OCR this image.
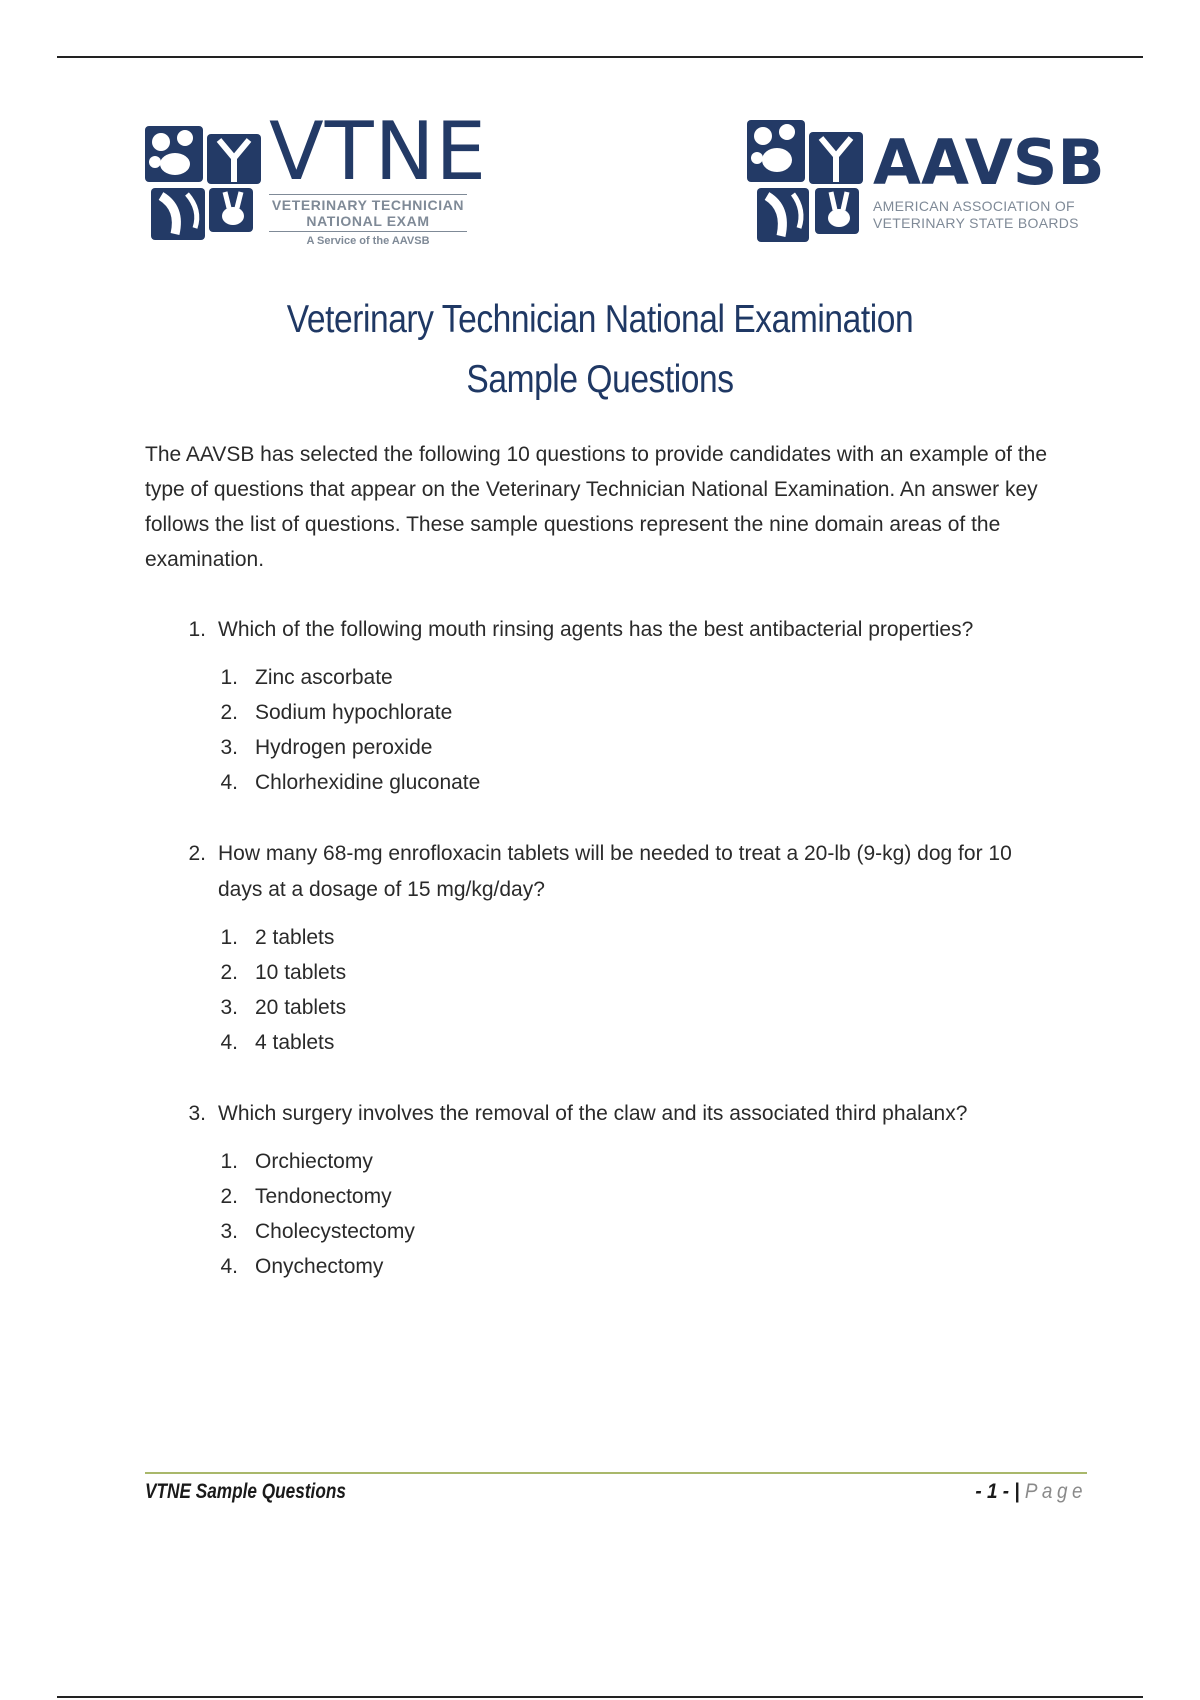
VTNE
VETERINARY TECHNICIAN
NATIONAL EXAM
A Service of the AAVSB
AAVSB
AMERICAN ASSOCIATION OF
VETERINARY STATE BOARDS
Veterinary Technician National Examination
Sample Questions
The AAVSB has selected the following 10 questions to provide candidates with an example of the type of questions that appear on the Veterinary Technician National Examination. An answer key follows the list of questions. These sample questions represent the nine domain areas of the examination.
1. Which of the following mouth rinsing agents has the best antibacterial properties?
1. Zinc ascorbate
2. Sodium hypochlorate
3. Hydrogen peroxide
4. Chlorhexidine gluconate
2. How many 68-mg enrofloxacin tablets will be needed to treat a 20-lb (9-kg) dog for 10 days at a dosage of 15 mg/kg/day?
1. 2 tablets
2. 10 tablets
3. 20 tablets
4. 4 tablets
3. Which surgery involves the removal of the claw and its associated third phalanx?
1. Orchiectomy
2. Tendonectomy
3. Cholecystectomy
4. Onychectomy
VTNE Sample Questions	- 1 - | Page
